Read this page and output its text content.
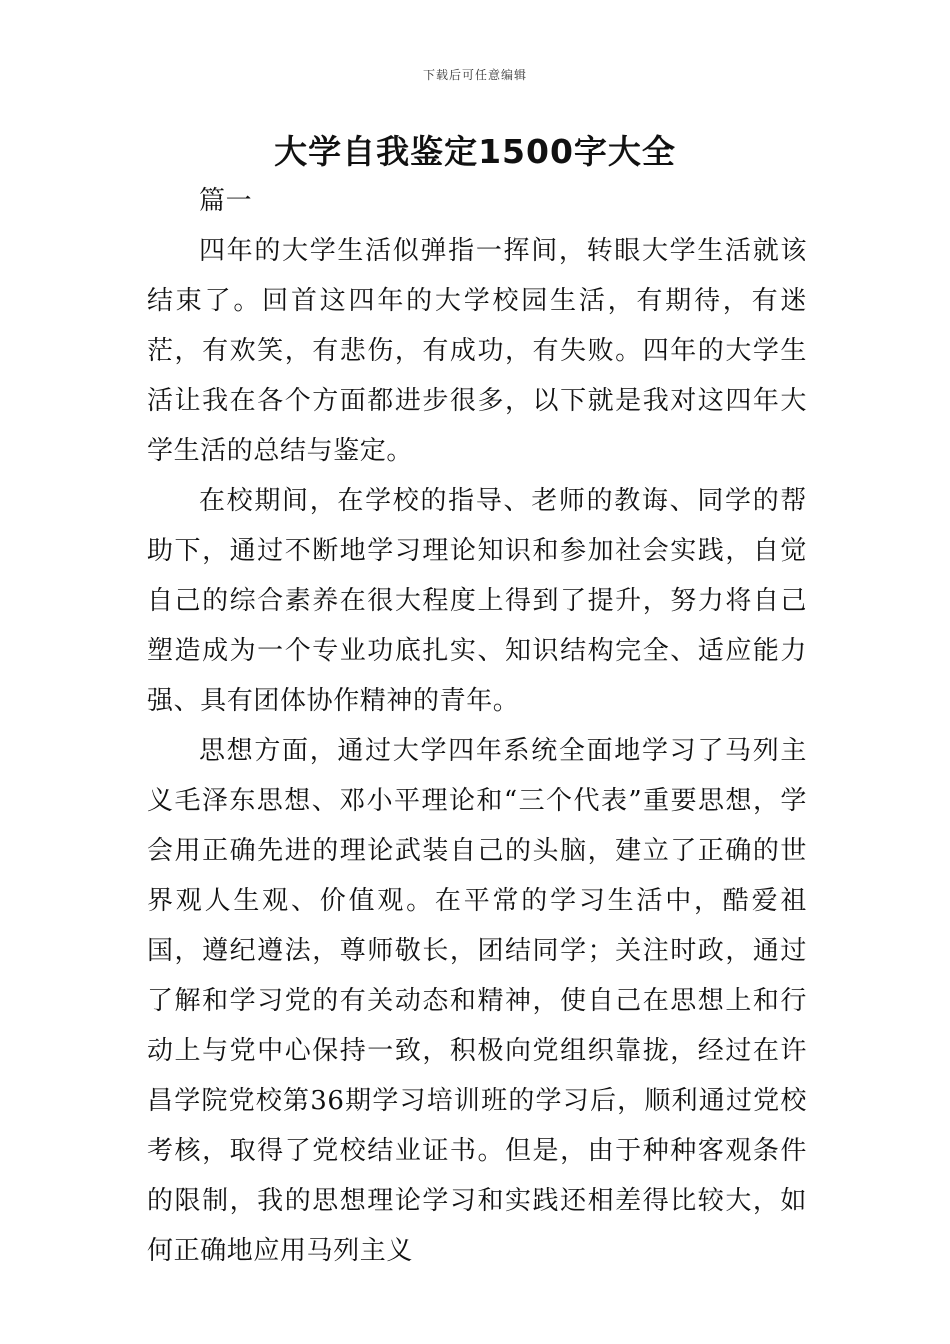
下载后可任意编辑
大学自我鉴定1500字大全

篇一

四年的大学生活似弹指一挥间，转眼大学生活就该结束了。回首这四年的大学校园生活，有期待，有迷茫，有欢笑，有悲伤，有成功，有失败。四年的大学生活让我在各个方面都进步很多，以下就是我对这四年大学生活的总结与鉴定。

在校期间，在学校的指导、老师的教诲、同学的帮助下，通过不断地学习理论知识和参加社会实践，自觉自己的综合素养在很大程度上得到了提升，努力将自己塑造成为一个专业功底扎实、知识结构完全、适应能力强、具有团体协作精神的青年。

思想方面，通过大学四年系统全面地学习了马列主义毛泽东思想、邓小平理论和“三个代表”重要思想，学会用正确先进的理论武装自己的头脑，建立了正确的世界观人生观、价值观。在平常的学习生活中，酷爱祖国，遵纪遵法，尊师敬长，团结同学；关注时政，通过了解和学习党的有关动态和精神，使自己在思想上和行动上与党中心保持一致，积极向党组织靠拢，经过在许昌学院党校第36期学习培训班的学习后，顺利通过党校考核，取得了党校结业证书。但是，由于种种客观条件的限制，我的思想理论学习和实践还相差得比较大，如何正确地应用马列主义
